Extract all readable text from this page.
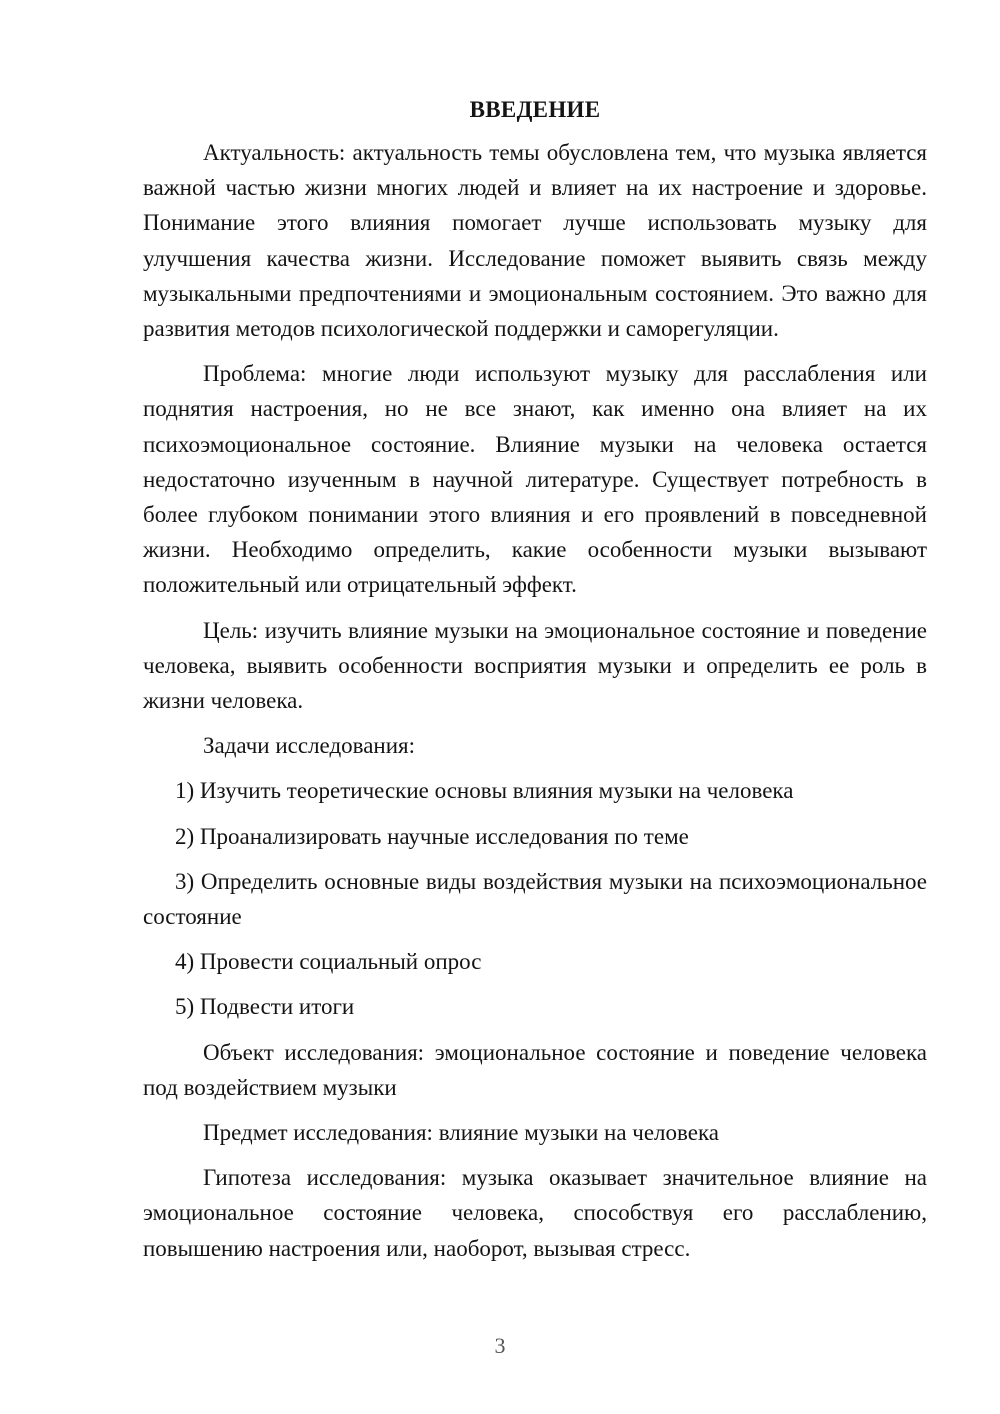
ВВЕДЕНИЕ

Актуальность: актуальность темы обусловлена тем, что музыка является важной частью жизни многих людей и влияет на их настроение и здоровье. Понимание этого влияния помогает лучше использовать музыку для улучшения качества жизни. Исследование поможет выявить связь между музыкальными предпочтениями и эмоциональным состоянием. Это важно для развития методов психологической поддержки и саморегуляции.

Проблема: многие люди используют музыку для расслабления или поднятия настроения, но не все знают, как именно она влияет на их психоэмоциональное состояние. Влияние музыки на человека остается недостаточно изученным в научной литературе. Существует потребность в более глубоком понимании этого влияния и его проявлений в повседневной жизни. Необходимо определить, какие особенности музыки вызывают положительный или отрицательный эффект.

Цель: изучить влияние музыки на эмоциональное состояние и поведение человека, выявить особенности восприятия музыки и определить ее роль в жизни человека.

Задачи исследования:

1) Изучить теоретические основы влияния музыки на человека

2) Проанализировать научные исследования по теме

3) Определить основные виды воздействия музыки на психоэмоциональное состояние

4) Провести социальный опрос

5) Подвести итоги

Объект исследования: эмоциональное состояние и поведение человека под воздействием музыки

Предмет исследования: влияние музыки на человека

Гипотеза исследования: музыка оказывает значительное влияние на эмоциональное состояние человека, способствуя его расслаблению, повышению настроения или, наоборот, вызывая стресс.

3
